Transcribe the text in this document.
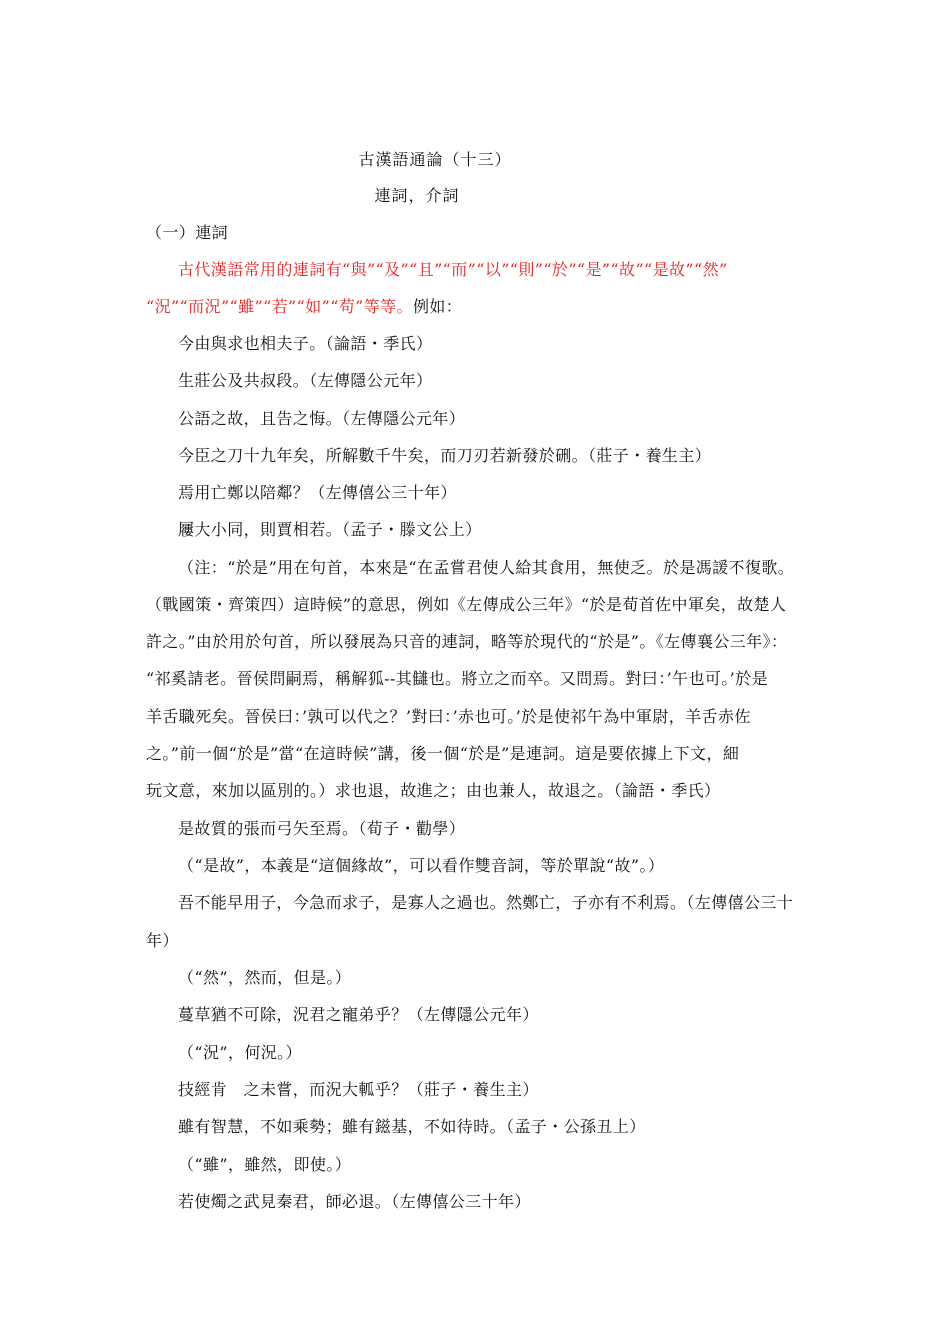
古漢語通論（十三）
連詞，介詞
（一）連詞
古代漢語常用的連詞有“與”“及”“且”“而”“以”“則”“於”“是”“故”“是故”“然”
“況”“而況”“雖”“若”“如”“苟”等等。例如：
今由與求也相夫子。（論語・季氏）
生莊公及共叔段。（左傳隱公元年）
公語之故，且告之悔。（左傳隱公元年）
今臣之刀十九年矣，所解數千牛矣，而刀刃若新發於硎。（莊子・養生主）
焉用亡鄭以陪鄰？（左傳僖公三十年）
屨大小同，則賈相若。（孟子・滕文公上）
（注：“於是”用在句首，本來是“在孟嘗君使人給其食用，無使乏。於是馮諼不復歌。
（戰國策・齊策四）這時候”的意思，例如《左傳成公三年》“於是荀首佐中軍矣，故楚人
許之。”由於用於句首，所以發展為只音的連詞，略等於現代的“於是”。《左傳襄公三年》：
“祁奚請老。晉侯問嗣焉，稱解狐--其讎也。將立之而卒。又問焉。對曰：’午也可。’於是
羊舌職死矣。晉侯曰：’孰可以代之？’對曰：’赤也可。’於是使祁午為中軍尉，羊舌赤佐
之。”前一個“於是”當“在這時候”講，後一個“於是”是連詞。這是要依據上下文，細
玩文意，來加以區別的。）求也退，故進之；由也兼人，故退之。（論語・季氏）
是故質的張而弓矢至焉。（荀子・勸學）
（“是故”，本義是“這個緣故”，可以看作雙音詞，等於單說“故”。）
吾不能早用子，今急而求子，是寡人之過也。然鄭亡，子亦有不利焉。（左傳僖公三十
年）
（“然”，然而，但是。）
蔓草猶不可除，況君之寵弟乎？（左傳隱公元年）
（“況”，何況。）
技經肯　之未嘗，而況大軱乎？（莊子・養生主）
雖有智慧，不如乘勢；雖有鎡基，不如待時。（孟子・公孫丑上）
（“雖”，雖然，即使。）
若使燭之武見秦君，師必退。（左傳僖公三十年）
